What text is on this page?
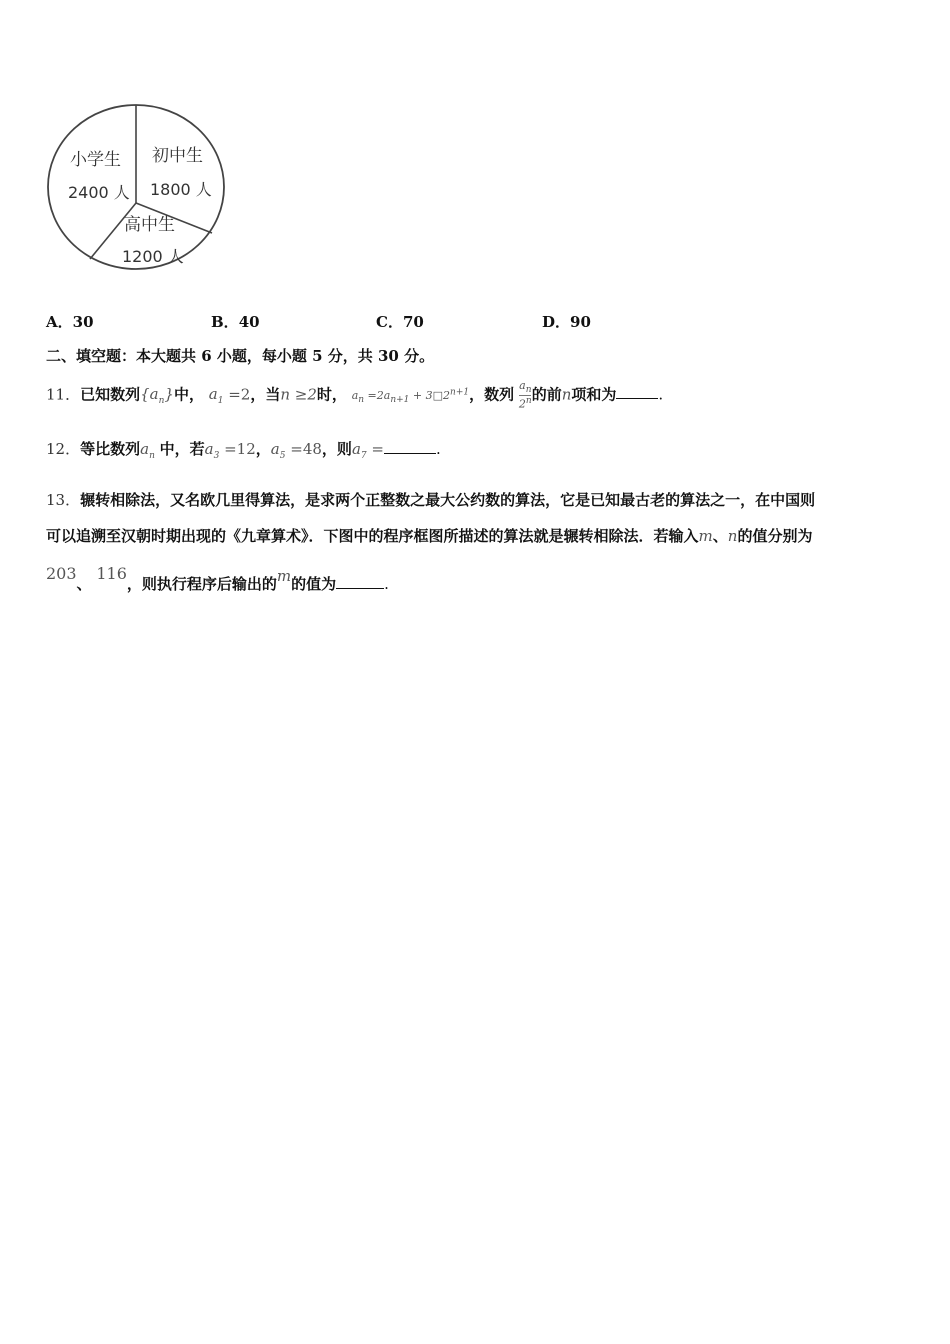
小学生
2400 人
初中生
1800 人
高中生
1200 人
A．30	B．40	C．70	D．90
二、填空题：本大题共 6 小题，每小题 5 分，共 30 分。
11．已知数列$\{a_n\}$中， $a_1 =2$，当n ≥2时， $a_n =2a_{n+1}$ + $3□2^{n+1}$，数列 $\frac{a_n}{2^n}$ 的前n项和为	.
12．等比数列$a_n$ 中，若$a_3 =12$，$a_5 =48$，则$a_7$ =	.
13．辗转相除法，又名欧几里得算法，是求两个正整数之最大公约数的算法，它是已知最古老的算法之一，在中国则
可以追溯至汉朝时期出现的《九章算术》．下图中的程序框图所描述的算法就是辗转相除法．若输入m、n的值分别为
203、 116，则执行程序后输出的m的值为	.
